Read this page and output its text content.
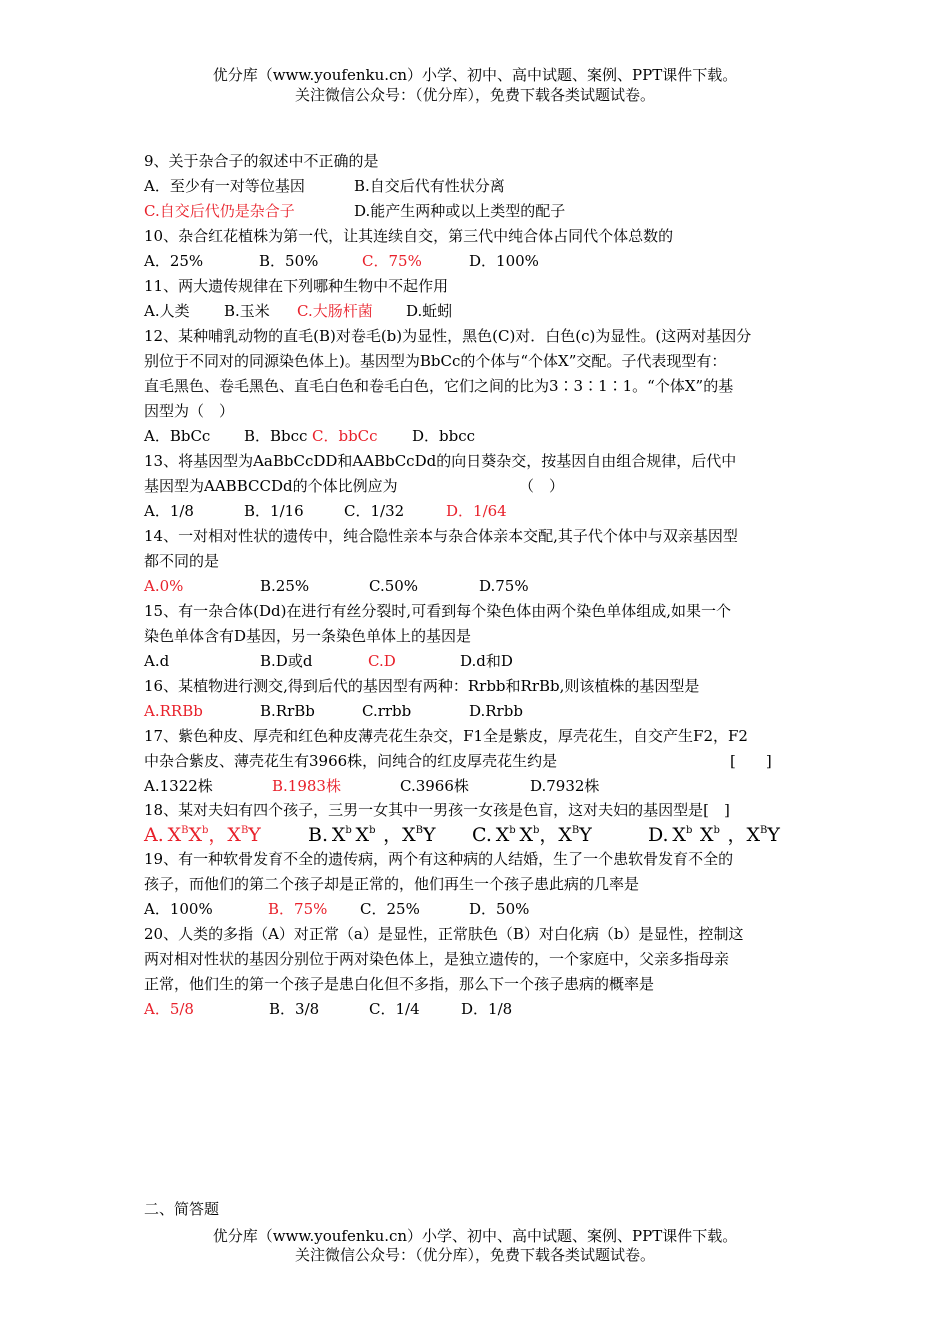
优分库（www.youfenku.cn）小学、初中、高中试题、案例、PPT课件下载。
关注微信公众号：（优分库），免费下载各类试题试卷。
9、关于杂合子的叙述中不正确的是
A．至少有一对等位基因	B.自交后代有性状分离
C.自交后代仍是杂合子	D.能产生两种或以上类型的配子
10、杂合红花植株为第一代，让其连续自交，第三代中纯合体占同代个体总数的
A．25%	B．50%	C．75%	D．100%
11、两大遗传规律在下列哪种生物中不起作用
A.人类 B.玉米 C.大肠杆菌 D.蚯蚓
12、某种哺乳动物的直毛(B)对卷毛(b)为显性，黑色(C)对．白色(c)为显性。(这两对基因分
别位于不同对的同源染色体上)。基因型为BbCc的个体与“个体X”交配。子代表现型有：
直毛黑色、卷毛黑色、直毛白色和卷毛白色，它们之间的比为3∶3∶1∶1。“个体X”的基
因型为（　）
A．BbCc B．Bbcc C．bbCc D．bbcc
13、将基因型为AaBbCcDD和AABbCcDd的向日葵杂交，按基因自由组合规律，后代中
基因型为AABBCCDd的个体比例应为	（　）
A．1/8	B．1/16	C．1/32	D．1/64
14、一对相对性状的遗传中，纯合隐性亲本与杂合体亲本交配,其子代个体中与双亲基因型
都不同的是
A.0%	B.25%	C.50%	D.75%
15、有一杂合体(Dd)在进行有丝分裂时,可看到每个染色体由两个染色单体组成,如果一个
染色单体含有D基因，另一条染色单体上的基因是
A.d	B.D或d	C.D	D.d和D
16、某植物进行测交,得到后代的基因型有两种：Rrbb和RrBb,则该植株的基因型是
A.RRBb	B.RrBb	C.rrbb	D.Rrbb
17、紫色种皮、厚壳和红色种皮薄壳花生杂交，F1全是紫皮，厚壳花生，自交产生F2，F2
中杂合紫皮、薄壳花生有3966株，问纯合的红皮厚壳花生约是	[　　]
A.1322株	B.1983株	C.3966株	D.7932株
18、某对夫妇有四个孩子，三男一女其中一男孩一女孩是色盲，这对夫妇的基因型是[　]
A.  $X^BX^b$，$X^BY$ B.  $X^b$  $X^b$   ，$X^BY$ C.  $X^b$  $X^b$，$X^BY$	D.  $X^b$   $X^b$   ，$X^BY$
19、有一种软骨发育不全的遗传病，两个有这种病的人结婚，生了一个患软骨发育不全的
孩子，而他们的第二个孩子却是正常的，他们再生一个孩子患此病的几率是
A．100%	B．75% C．25%	D．50%
20、人类的多指（A）对正常（a）是显性，正常肤色（B）对白化病（b）是显性，控制这
两对相对性状的基因分别位于两对染色体上，是独立遗传的，一个家庭中，父亲多指母亲
正常，他们生的第一个孩子是患白化但不多指，那么下一个孩子患病的概率是
A．5/8	B．3/8	C．1/4	D．1/8
二、简答题
优分库（www.youfenku.cn）小学、初中、高中试题、案例、PPT课件下载。
关注微信公众号：（优分库），免费下载各类试题试卷。
